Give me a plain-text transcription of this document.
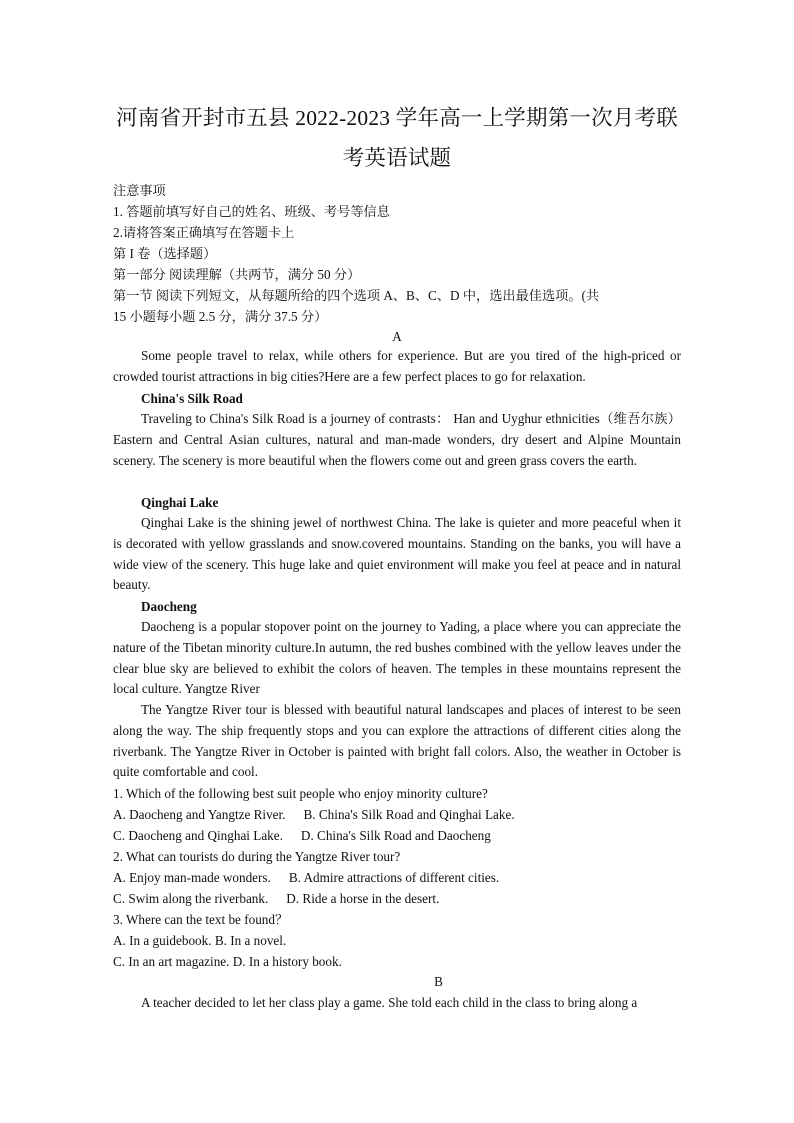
河南省开封市五县 2022-2023 学年高一上学期第一次月考联
考英语试题
注意事项
1. 答题前填写好自己的姓名、班级、考号等信息
2.请将答案正确填写在答题卡上
第 I 卷（选择题）
第一部分 阅读理解（共两节，满分 50 分）
第一节 阅读下列短文，从每题所给的四个选项 A、B、C、D 中，选出最佳选项。(共
15 小题每小题 2.5 分，满分 37.5 分）
A

Some people travel to relax, while others for experience. But are you tired of the high-priced or crowded tourist attractions in big cities?Here are a few perfect places to go for relaxation.

China's Silk Road

Traveling to China's Silk Road is a journey of contrasts： Han and Uyghur ethnicities（维吾尔族）Eastern and Central Asian cultures, natural and man-made wonders, dry desert and Alpine Mountain scenery. The scenery is more beautiful when the flowers come out and green grass covers the earth.

Qinghai Lake

Qinghai Lake is the shining jewel of northwest China. The lake is quieter and more peaceful when it is decorated with yellow grasslands and snow.covered mountains. Standing on the banks, you will have a wide view of the scenery. This huge lake and quiet environment will make you feel at peace and in natural beauty.

Daocheng

Daocheng is a popular stopover point on the journey to Yading, a place where you can appreciate the nature of the Tibetan minority culture.In autumn, the red bushes combined with the yellow leaves under the clear blue sky are believed to exhibit the colors of heaven. The temples in these mountains represent the local culture. Yangtze River

The Yangtze River tour is blessed with beautiful natural landscapes and places of interest to be seen along the way. The ship frequently stops and you can explore the attractions of different cities along the riverbank. The Yangtze River in October is painted with bright fall colors. Also, the weather in October is quite comfortable and cool.

1. Which of the following best suit people who enjoy minority culture?
A. Daocheng and Yangtze River. B. China's Silk Road and Qinghai Lake.
C. Daocheng and Qinghai Lake. D. China's Silk Road and Daocheng
2. What can tourists do during the Yangtze River tour?
A. Enjoy man-made wonders. B. Admire attractions of different cities.
C. Swim along the riverbank. D. Ride a horse in the desert.
3. Where can the text be found？
A. In a guidebook. B. In a novel.
C. In an art magazine. D. In a history book.
B
A teacher decided to let her class play a game. She told each child in the class to bring along a
